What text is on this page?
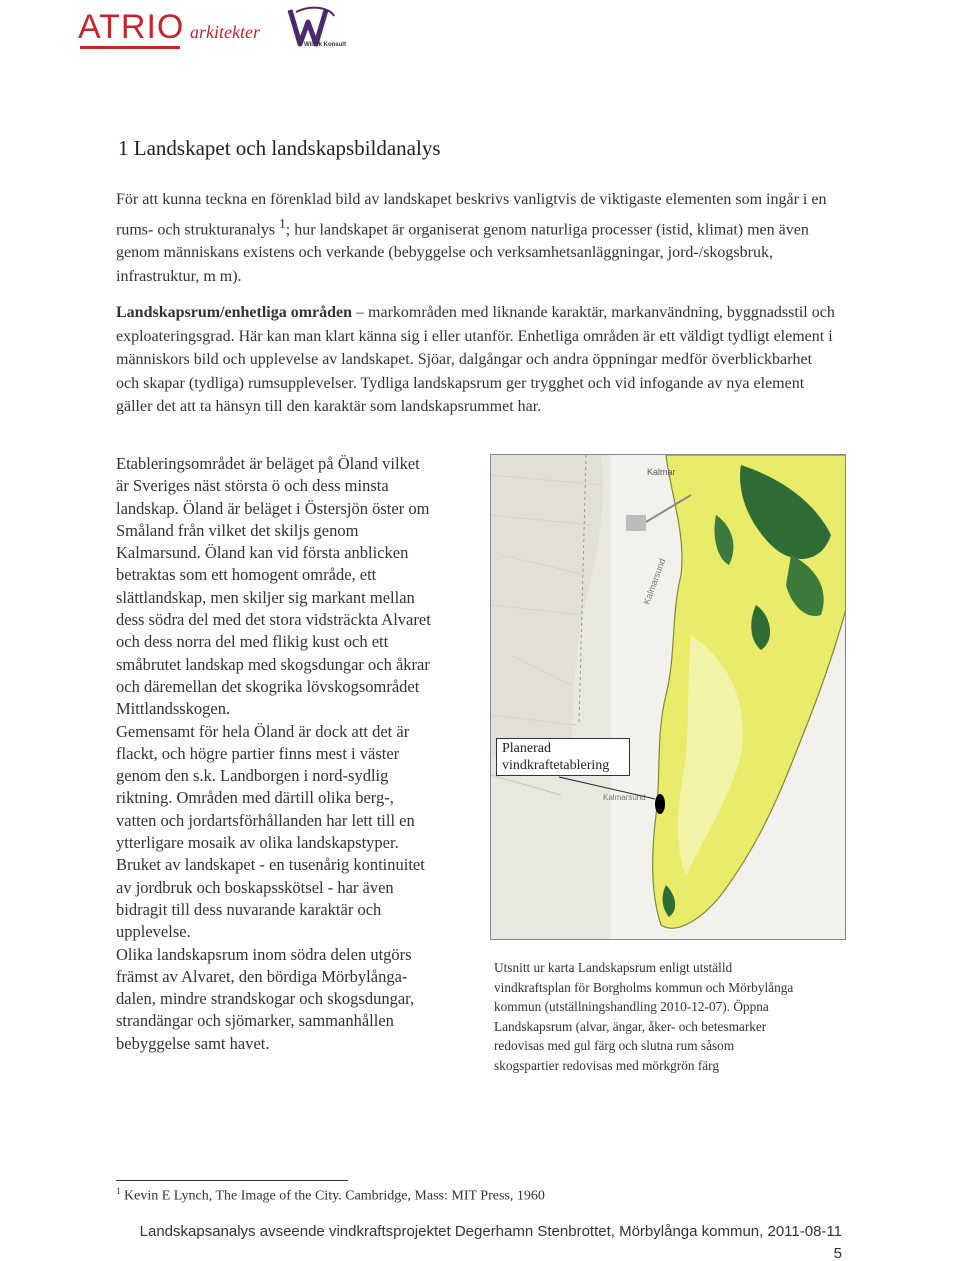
ATRIO arkitekter
Wilark Konsult
1 Landskapet och landskapsbildanalys
För att kunna teckna en förenklad bild av landskapet beskrivs vanligtvis de viktigaste elementen som ingår i en rums- och strukturanalys $^1$; hur landskapet är organiserat genom naturliga processer (istid, klimat) men även genom människans existens och verkande (bebyggelse och verksamhetsanläggningar, jord-/skogsbruk, infrastruktur, m m).
Landskapsrum/enhetliga områden – markområden med liknande karaktär, markanvändning, byggnadsstil och exploateringsgrad. Här kan man klart känna sig i eller utanför. Enhetliga områden är ett väldigt tydligt element i människors bild och upplevelse av landskapet. Sjöar, dalgångar och andra öppningar medför överblickbarhet och skapar (tydliga) rumsupplevelser. Tydliga landskapsrum ger trygghet och vid infogande av nya element gäller det att ta hänsyn till den karaktär som landskapsrummet har.
Etableringsområdet är beläget på Öland vilket
är Sveriges näst största ö och dess minsta
landskap. Öland är beläget i Östersjön öster om
Småland från vilket det skiljs genom
Kalmarsund. Öland kan vid första anblicken
betraktas som ett homogent område, ett
slättlandskap, men skiljer sig markant mellan
dess södra del med det stora vidsträckta Alvaret
och dess norra del med flikig kust och ett
småbrutet landskap med skogsdungar och åkrar
och däremellan det skogrika lövskogsområdet
Mittlandsskogen.
Gemensamt för hela Öland är dock att det är
flackt, och högre partier finns mest i väster
genom den s.k. Landborgen i nord-sydlig
riktning. Områden med därtill olika berg-,
vatten och jordartsförhållanden har lett till en
ytterligare mosaik av olika landskapstyper.
Bruket av landskapet - en tusenårig kontinuitet
av jordbruk och boskapsskötsel - har även
bidragit till dess nuvarande karaktär och
upplevelse.
Olika landskapsrum inom södra delen utgörs
främst av Alvaret, den bördiga Mörbylånga-
dalen, mindre strandskogar och skogsdungar,
strandängar och sjömarker, sammanhållen
bebyggelse samt havet.
Kalmar
Kalmarsund
Kalmarsund
Planerad
vindkraftetablering
Utsnitt ur karta Landskapsrum enligt utställd
vindkraftsplan för Borgholms kommun och Mörbylånga
kommun (utställningshandling 2010-12-07). Öppna
Landskapsrum (alvar, ängar, åker- och betesmarker
redovisas med gul färg och slutna rum såsom
skogspartier redovisas med mörkgrön färg
$^1$ Kevin E Lynch, The Image of the City. Cambridge, Mass: MIT Press, 1960
Landskapsanalys avseende vindkraftsprojektet Degerhamn Stenbrottet, Mörbylånga kommun, 2011-08-11
5
